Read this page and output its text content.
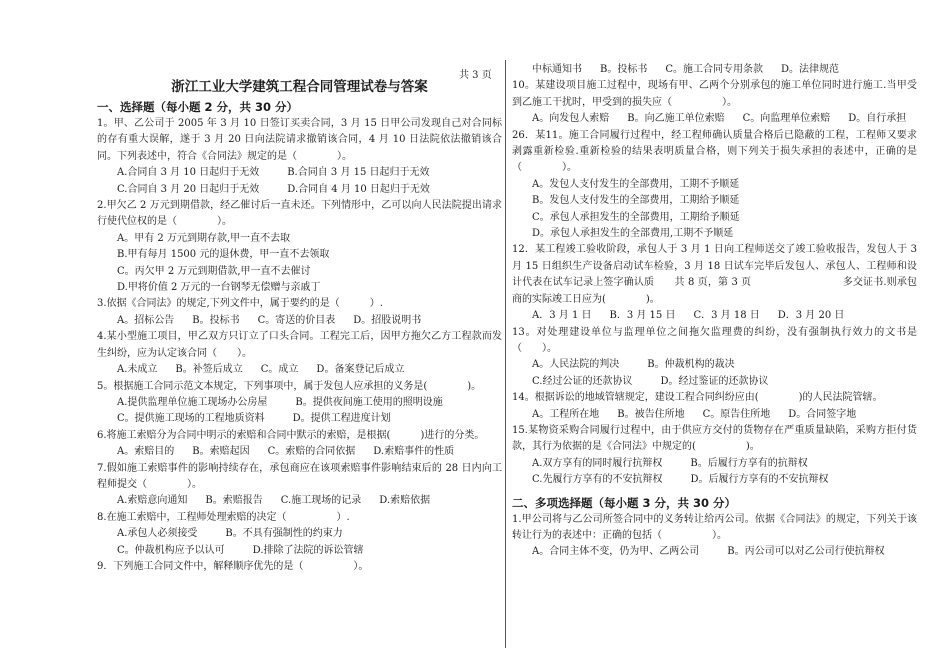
共 3 页
浙江工业大学建筑工程合同管理试卷与答案
一、选择题（每小题 2 分，共 30 分）

1。甲、乙公司于 2005 年 3 月 10 日签订买卖合同，3 月 15 日甲公司发现自己对合同标的存有重大误解，遂于 3 月 20 日向法院请求撤销该合同，4 月 10 日法院依法撤销该合同。下列表述中，符合《合同法》规定的是（　　　　）。

A.合同自 3 月 10 日起归于无效	B.合同自 3 月 15 日起归于无效

C.合同自 3 月 20 日起归于无效	D.合同自 4 月 10 日起归于无效

2.甲欠乙 2 万元到期借款，经乙催讨后一直未还。下列情形中，乙可以向人民法院提出请求行使代位权的是（　　　　）。

A。甲有 2 万元到期存款,甲一直不去取

B.甲有每月 1500 元的退休费，甲一直不去领取

C。丙欠甲 2 万元到期借款,甲一直不去催讨

D.甲将价值 2 万元的一台钢琴无偿赠与亲戚丁

3.依据《合同法》的规定,下列文件中，属于要约的是（　　　）.

A。招标公告 B。投标书 C。寄送的价目表 D。招股说明书

4.某小型施工项目，甲乙双方只订立了口头合同。工程完工后，因甲方拖欠乙方工程款而发生纠纷，应为认定该合同（　　）。

A.未成立 B。补签后成立 C。成立 D。备案登记后成立

5。根据施工合同示范文本规定，下列事项中，属于发包人应承担的义务是(　　　　)。

A.提供监理单位施工现场办公房屋	B。提供夜间施工使用的照明设施

C。提供施工现场的工程地质资料	D。提供工程进度计划

6.将施工索赔分为合同中明示的索赔和合同中默示的索赔，是根据(　　　)进行的分类。

A。索赔目的 B。索赔起因 C。索赔的合同依据 D.索赔事件的性质

7.假如施工索赔事件的影响持续存在，承包商应在该项索赔事件影响结束后的 28 日内向工程师提交（　　　　）。

A.索赔意向通知 B。索赔报告 C.施工现场的记录 D.索赔依据

8.在施工索赔中，工程师处理索赔的决定（　　　　　）.

A.承包人必须接受	B。不具有强制性的约束力

C。仲裁机构应予以认可	D.排除了法院的诉讼管辖

9．下列施工合同文件中，解释顺序优先的是（　　　　　）。

中标通知书 B。投标书 C。施工合同专用条款 D。法律规范

10。某建设项目施工过程中，现场有甲、乙两个分别承包的施工单位同时进行施工.当甲受到乙施工干扰时，甲受到的损失应（　　　　　）。

A。向发包人索赔 B。向乙施工单位索赔 C。向监理单位索赔 D。自行承担

26．某11。施工合同履行过程中，经工程师确认质量合格后已隐蔽的工程，工程师又要求剥露重新检验.重新检验的结果表明质量合格，则下列关于损失承担的表述中，正确的是（　　　　）。

A。发包人支付发生的全部费用，工期不予顺延

B。发包人支付发生的全部费用，工期给予顺延

C。承包人承担发生的全部费用，工期给予顺延

D。承包人承担发生的全部费用,工期不予顺延

12．某工程竣工验收阶段，承包人于 3 月 1 日向工程师送交了竣工验收报告，发包人于 3 月 15 日组织生产设备启动试车检验，3 月 18 日试车完毕后发包人、承包人、工程师和设计代表在试车记录上签字确认质　　共 8 页，第 3 页　　　　　　　　　多交证书.则承包商的实际竣工日应为(　　　　)。

A．3 月 1 日 B．3 月 15 日 C．3 月 18 日 D．3 月 20 日

13。对处理建设单位与监理单位之间拖欠监理费的纠纷，没有强制执行效力的文书是（　　）。

A。人民法院的判决	B。仲裁机构的裁决

C.经过公证的还款协议	D。经过鉴证的还款协议

14。根据诉讼的地域管辖规定，建设工程合同纠纷应由(　　　　)的人民法院管辖。

A。工程所在地 B。被告住所地 C。原告住所地 D。合同签字地

15.某物资采购合同履行过程中，由于供应方交付的货物存在严重质量缺陷，采购方拒付货款，其行为依据的是《合同法》中规定的(　　　　　)。

A.双方享有的同时履行抗辩权	B。后履行方享有的抗辩权

C.先履行方享有的不安抗辩权	D。后履行方享有的不安抗辩权

二、多项选择题（每小题 3 分，共 30 分）

1.甲公司将与乙公司所签合同中的义务转让给丙公司。依据《合同法》的规定，下列关于该转让行为的表述中：正确的包括（　　　　　）。

A。合同主体不变，仍为甲、乙两公司	B。丙公司可以对乙公司行使抗辩权
